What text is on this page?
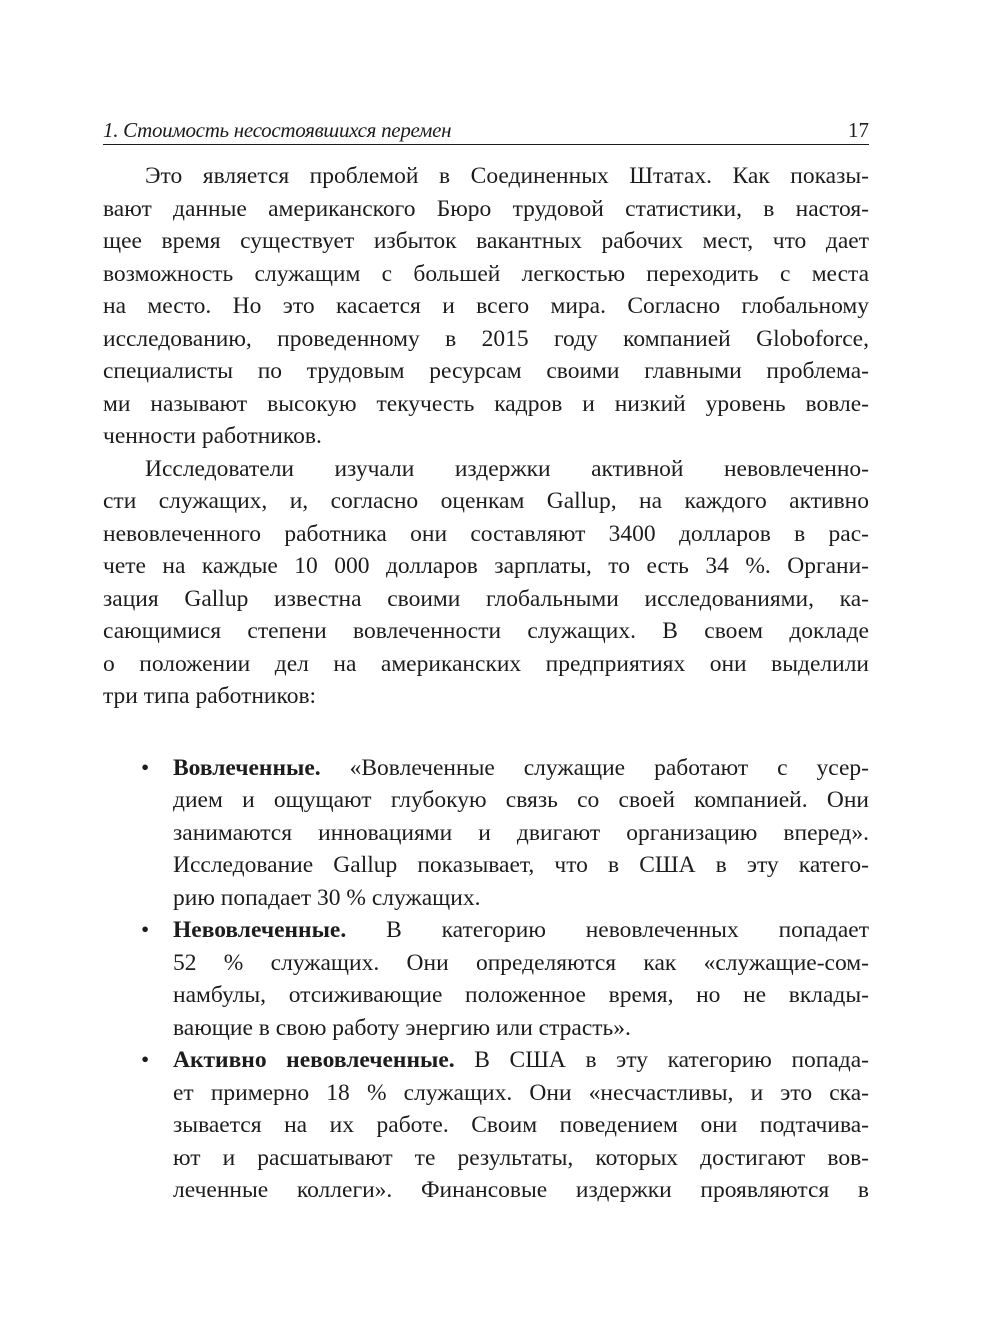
1. Стоимость несостоявшихся перемен	17
Это является проблемой в Соединенных Штатах. Как показы-
вают данные американского Бюро трудовой статистики, в настоя-
щее время существует избыток вакантных рабочих мест, что дает
возможность служащим с большей легкостью переходить с места
на место. Но это касается и всего мира. Согласно глобальному
исследованию, проведенному в 2015 году компанией Globoforce,
специалисты по трудовым ресурсам своими главными проблема-
ми называют высокую текучесть кадров и низкий уровень вовле-
ченности работников.
Исследователи изучали издержки активной невовлеченно-
сти служащих, и, согласно оценкам Gallup, на каждого активно
невовлеченного работника они составляют 3400 долларов в рас-
чете на каждые 10 000 долларов зарплаты, то есть 34 %. Органи-
зация Gallup известна своими глобальными исследованиями, ка-
сающимися степени вовлеченности служащих. В своем докладе
о положении дел на американских предприятиях они выделили
три типа работников:
• Вовлеченные. «Вовлеченные служащие работают с усер-
дием и ощущают глубокую связь со своей компанией. Они
занимаются инновациями и двигают организацию вперед».
Исследование Gallup показывает, что в США в эту катего-
рию попадает 30 % служащих.
• Невовлеченные. В категорию невовлеченных попадает
52 % служащих. Они определяются как «служащие-сом-
намбулы, отсиживающие положенное время, но не вклады-
вающие в свою работу энергию или страсть».
• Активно невовлеченные. В США в эту категорию попада-
ет примерно 18 % служащих. Они «несчастливы, и это ска-
зывается на их работе. Своим поведением они подтачива-
ют и расшатывают те результаты, которых достигают вов-
леченные коллеги». Финансовые издержки проявляются в
